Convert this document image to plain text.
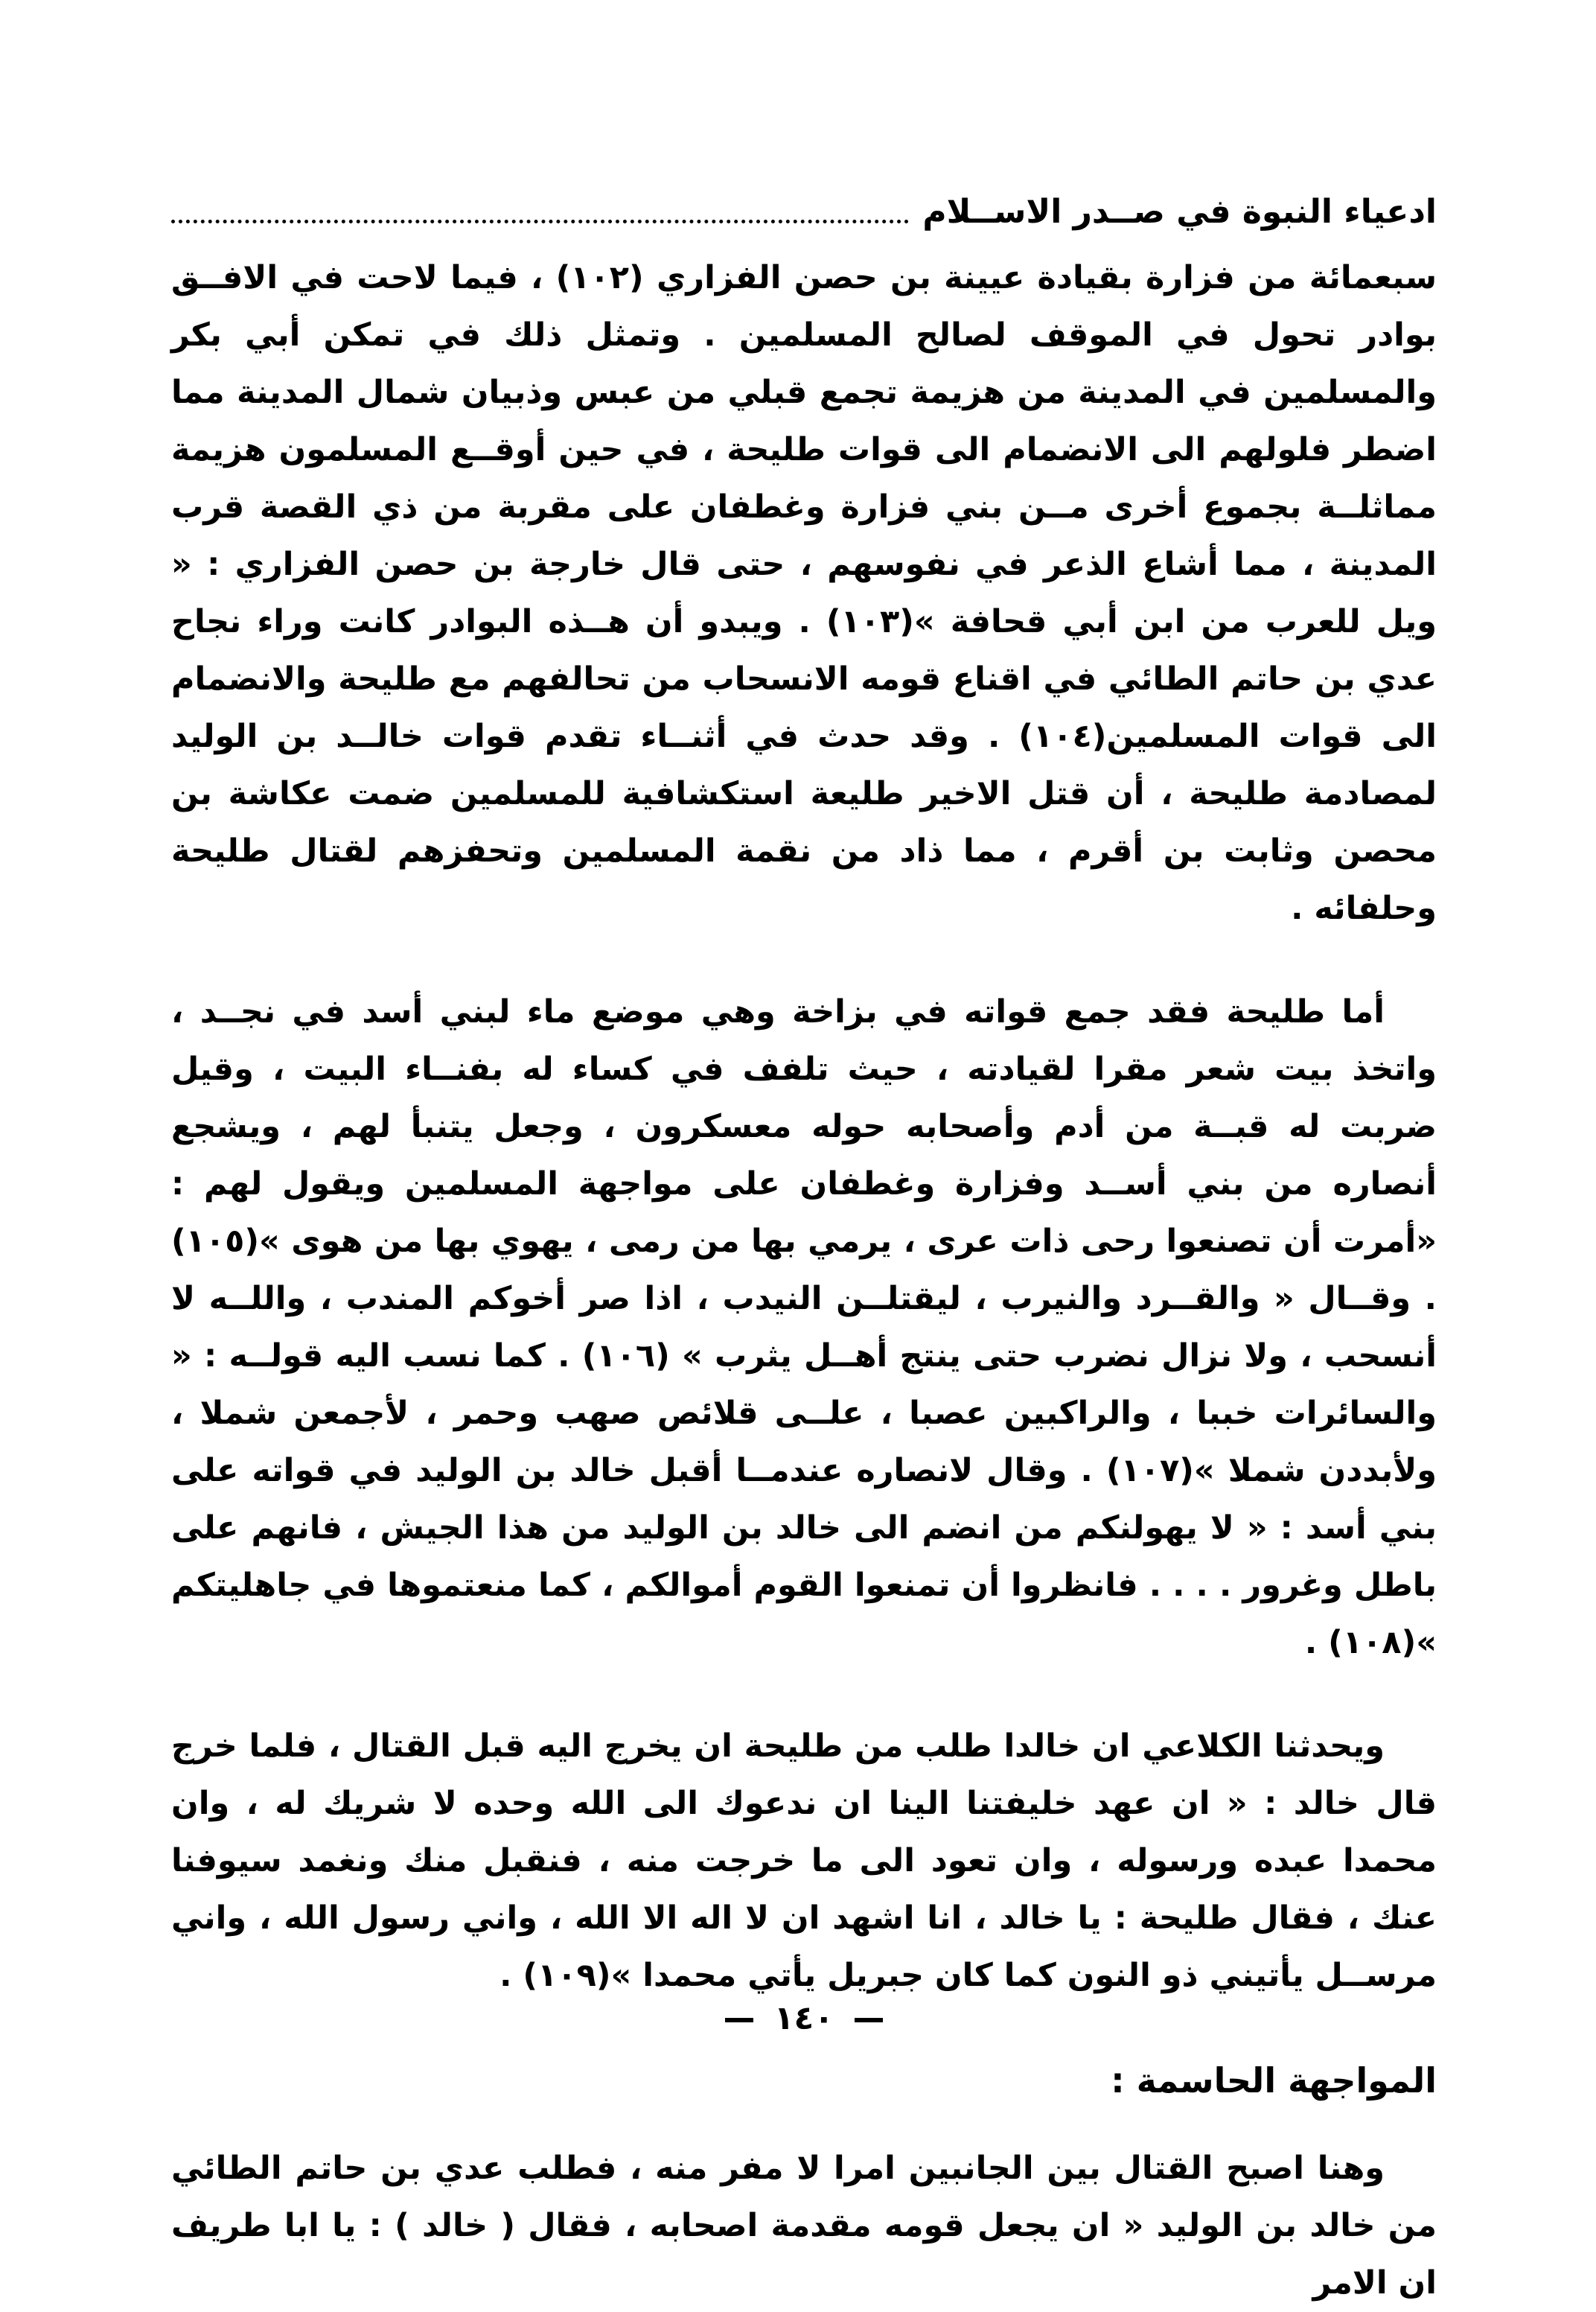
ادعياء النبوة في صــدر الاســلام

سبعمائة من فزارة بقيادة عيينة بن حصن الفزاري (١٠٢) ، فيما لاحت في الافــق بوادر تحول في الموقف لصالح المسلمين . وتمثل ذلك في تمكن أبي بكر والمسلمين في المدينة من هزيمة تجمع قبلي من عبس وذبيان شمال المدينة مما اضطر فلولهم الى الانضمام الى قوات طليحة ، في حين أوقــع المسلمون هزيمة مماثلــة بجموع أخرى مــن بني فزارة وغطفان على مقربة من ذي القصة قرب المدينة ، مما أشاع الذعر في نفوسهم ، حتى قال خارجة بن حصن الفزاري : « ويل للعرب من ابن أبي قحافة »(١٠٣) . ويبدو أن هــذه البوادر كانت وراء نجاح عدي بن حاتم الطائي في اقناع قومه الانسحاب من تحالفهم مع طليحة والانضمام الى قوات المسلمين(١٠٤) . وقد حدث في أثنــاء تقدم قوات خالــد بن الوليد لمصادمة طليحة ، أن قتل الاخير طليعة استكشافية للمسلمين ضمت عكاشة بن محصن وثابت بن أقرم ، مما ذاد من نقمة المسلمين وتحفزهم لقتال طليحة وحلفائه .

أما طليحة فقد جمع قواته في بزاخة وهي موضع ماء لبني أسد في نجــد ، واتخذ بيت شعر مقرا لقيادته ، حيث تلفف في كساء له بفنــاء البيت ، وقيل ضربت له قبــة من أدم وأصحابه حوله معسكرون ، وجعل يتنبأ لهم ، ويشجع أنصاره من بني أســد وفزارة وغطفان على مواجهة المسلمين ويقول لهم : «أمرت أن تصنعوا رحى ذات عرى ، يرمي بها من رمى ، يهوي بها من هوى »(١٠٥) . وقــال « والقــرد والنيرب ، ليقتلــن النيدب ، اذا صر أخوكم المندب ، واللــه لا أنسحب ، ولا نزال نضرب حتى ينتج أهــل يثرب » (١٠٦) . كما نسب اليه قولــه : « والسائرات خببا ، والراكبين عصبا ، علــى قلائص صهب وحمر ، لأجمعن شملا ، ولأبددن شملا »(١٠٧) . وقال لانصاره عندمــا أقبل خالد بن الوليد في قواته على بني أسد : « لا يهولنكم من انضم الى خالد بن الوليد من هذا الجيش ، فانهم على باطل وغرور . . . . فانظروا أن تمنعوا القوم أموالكم ، كما منعتموها في جاهليتكم »(١٠٨) .

ويحدثنا الكلاعي ان خالدا طلب من طليحة ان يخرج اليه قبل القتال ، فلما خرج قال خالد : « ان عهد خليفتنا الينا ان ندعوك الى الله وحده لا شريك له ، وان محمدا عبده ورسوله ، وان تعود الى ما خرجت منه ، فنقبل منك ونغمد سيوفنا عنك ، فقال طليحة : يا خالد ، انا اشهد ان لا اله الا الله ، واني رسول الله ، واني مرســل يأتيني ذو النون كما كان جبريل يأتي محمدا »(١٠٩) .

المواجهة الحاسمة :

وهنا اصبح القتال بين الجانبين امرا لا مفر منه ، فطلب عدي بن حاتم الطائي من خالد بن الوليد « ان يجعل قومه مقدمة اصحابه ، فقال ( خالد ) : يا ابا طريف ان الامر

١٤٠
